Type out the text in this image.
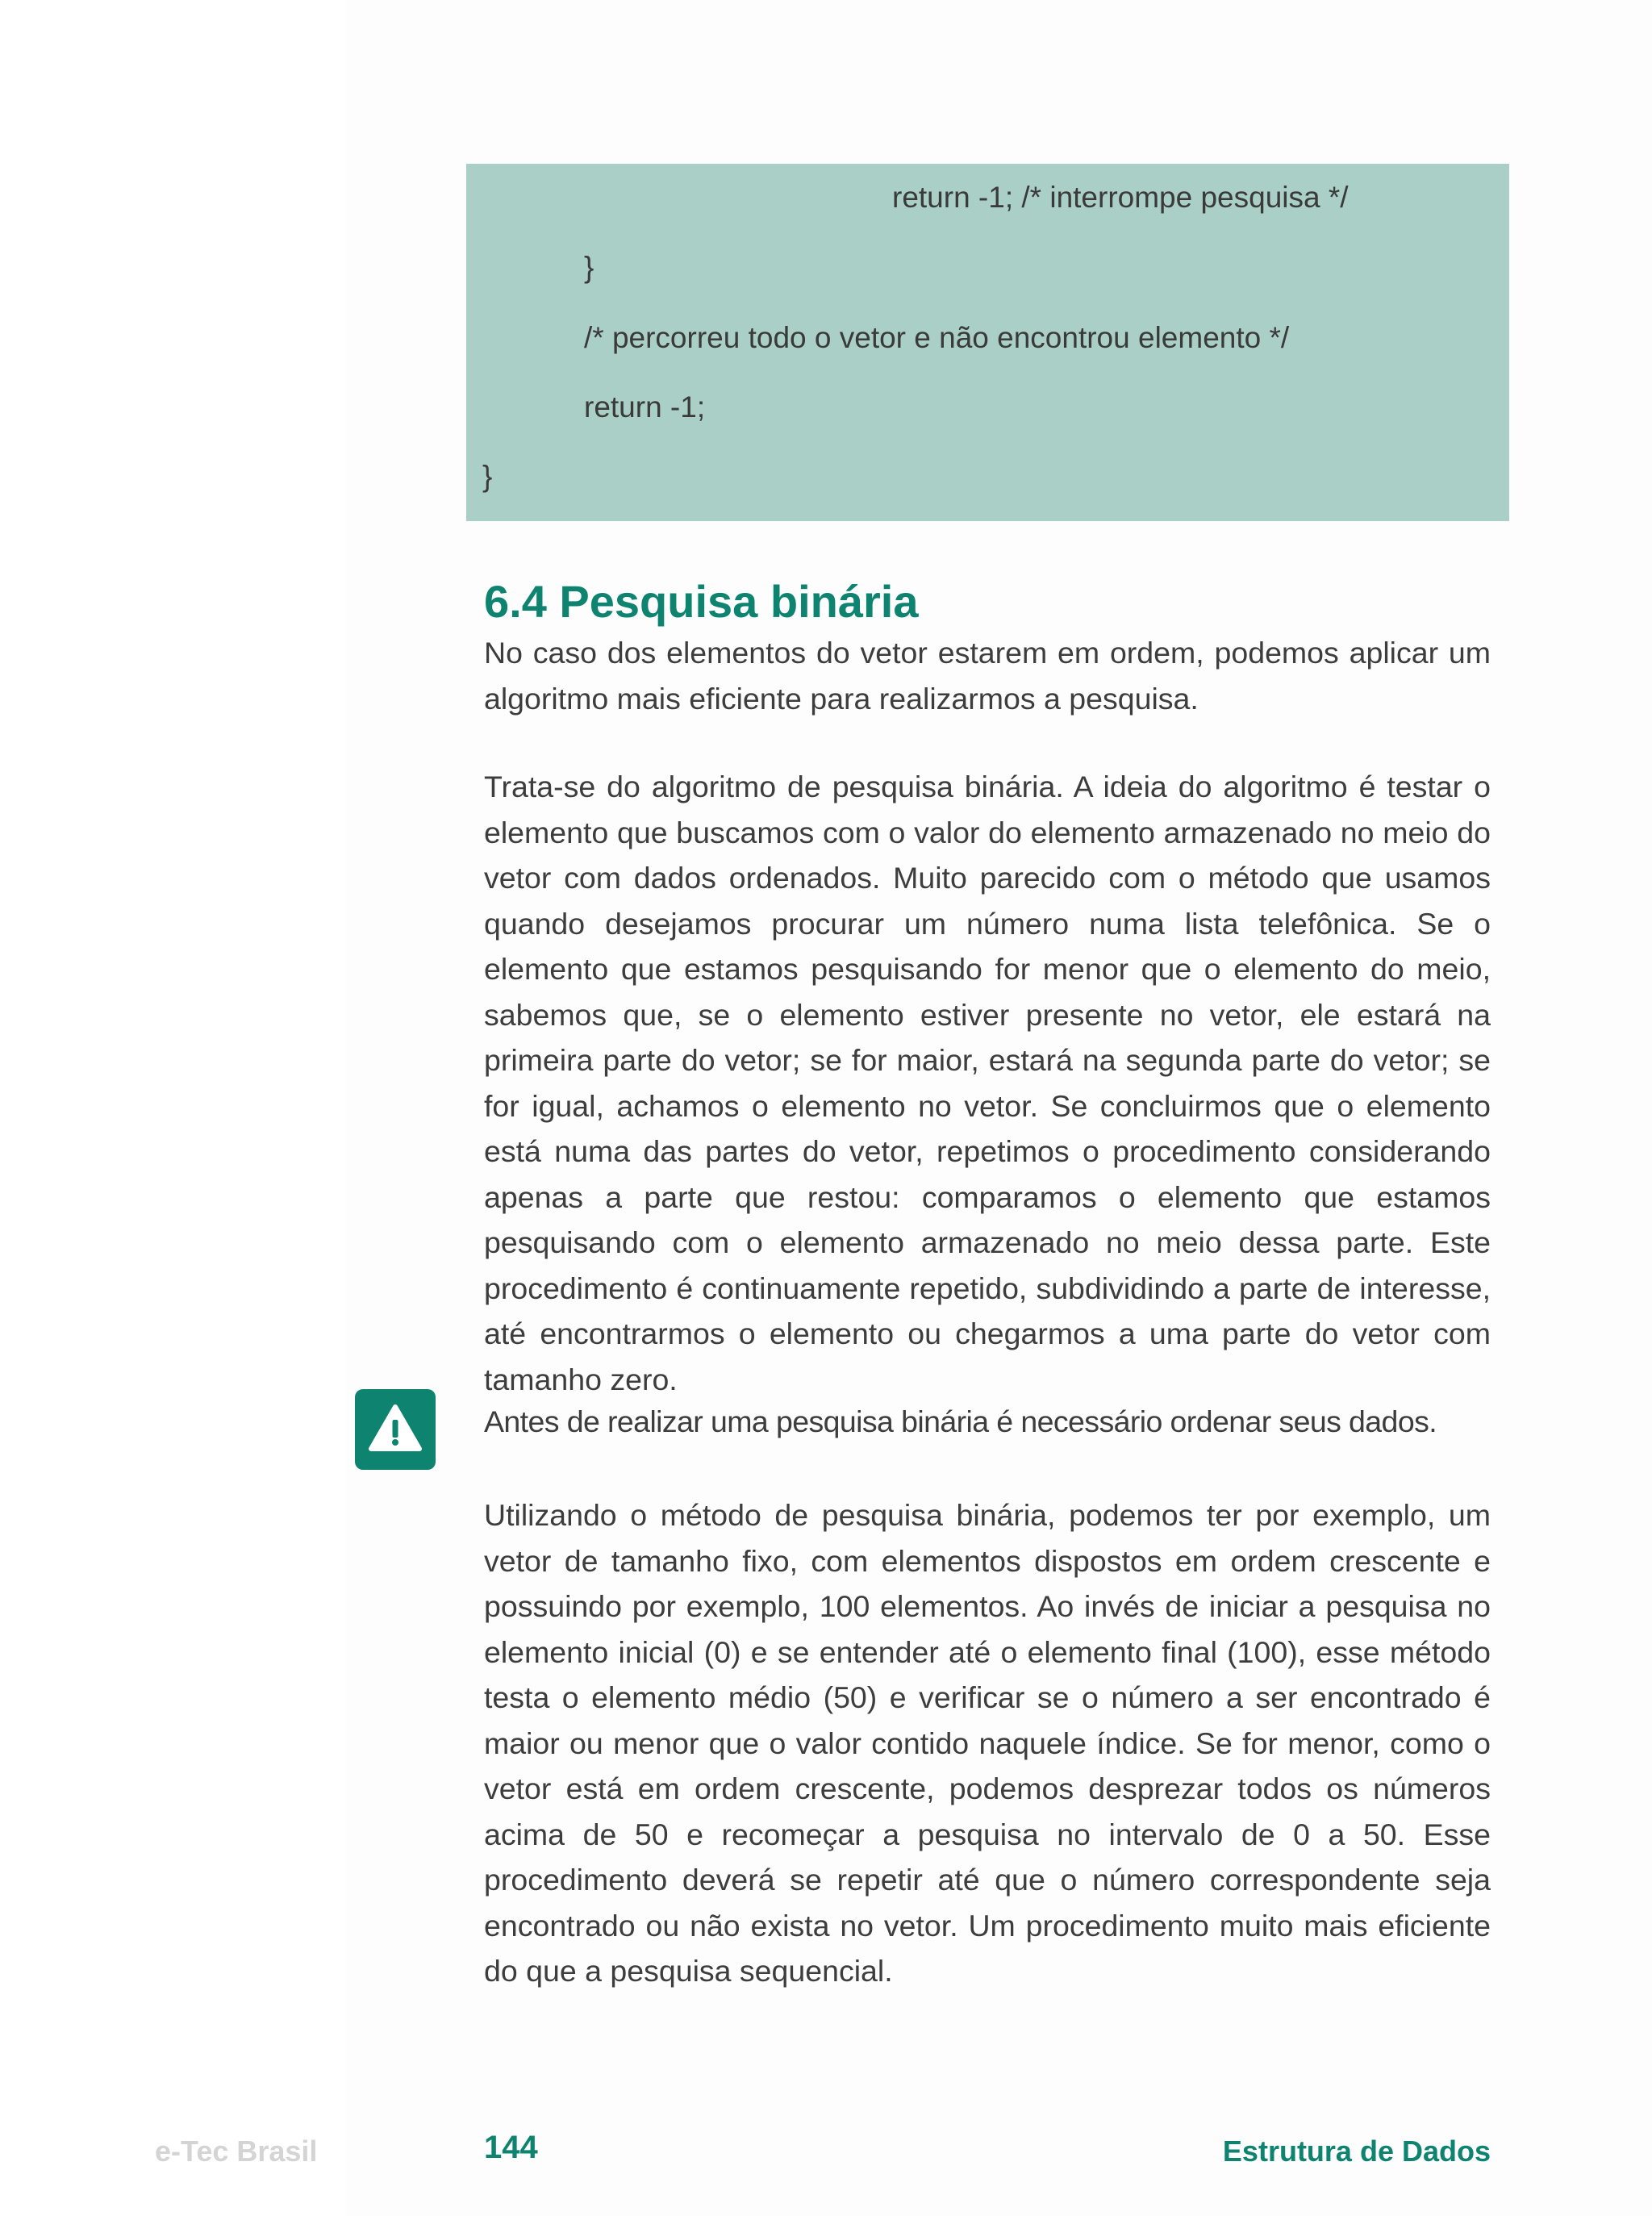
return -1; /* interrompe pesquisa */
}
/* percorreu todo o vetor e não encontrou elemento */
return -1;
}
6.4 Pesquisa binária

No caso dos elementos do vetor estarem em ordem, podemos aplicar um algoritmo mais eficiente para realizarmos a pesquisa.

Trata-se do algoritmo de pesquisa binária. A ideia do algoritmo é testar o elemento que buscamos com o valor do elemento armazenado no meio do vetor com dados ordenados. Muito parecido com o método que usamos quando desejamos procurar um número numa lista telefônica. Se o elemento que estamos pesquisando for menor que o elemento do meio, sabemos que, se o elemento estiver presente no vetor, ele estará na primeira parte do vetor; se for maior, estará na segunda parte do vetor; se for igual, achamos o elemento no vetor. Se concluirmos que o elemento está numa das partes do vetor, repetimos o procedimento considerando apenas a parte que restou: comparamos o elemento que estamos pesquisando com o elemento armazenado no meio dessa parte. Este procedimento é continuamente repetido, subdividindo a parte de interesse, até encontrarmos o elemento ou chegarmos a uma parte do vetor com tamanho zero.

Antes de realizar uma pesquisa binária é necessário ordenar seus dados.

Utilizando o método de pesquisa binária, podemos ter por exemplo, um vetor de tamanho fixo, com elementos dispostos em ordem crescente e possuindo por exemplo, 100 elementos. Ao invés de iniciar a pesquisa no elemento inicial (0) e se entender até o elemento final (100), esse método testa o elemento médio (50) e verificar se o número a ser encontrado é maior ou menor que o valor contido naquele índice. Se for menor, como o vetor está em ordem crescente, podemos desprezar todos os números acima de 50 e recomeçar a pesquisa no intervalo de 0 a 50. Esse procedimento deverá se repetir até que o número correspondente seja encontrado ou não exista no vetor. Um procedimento muito mais eficiente do que a pesquisa sequencial.

e-Tec Brasil	144	Estrutura de Dados
